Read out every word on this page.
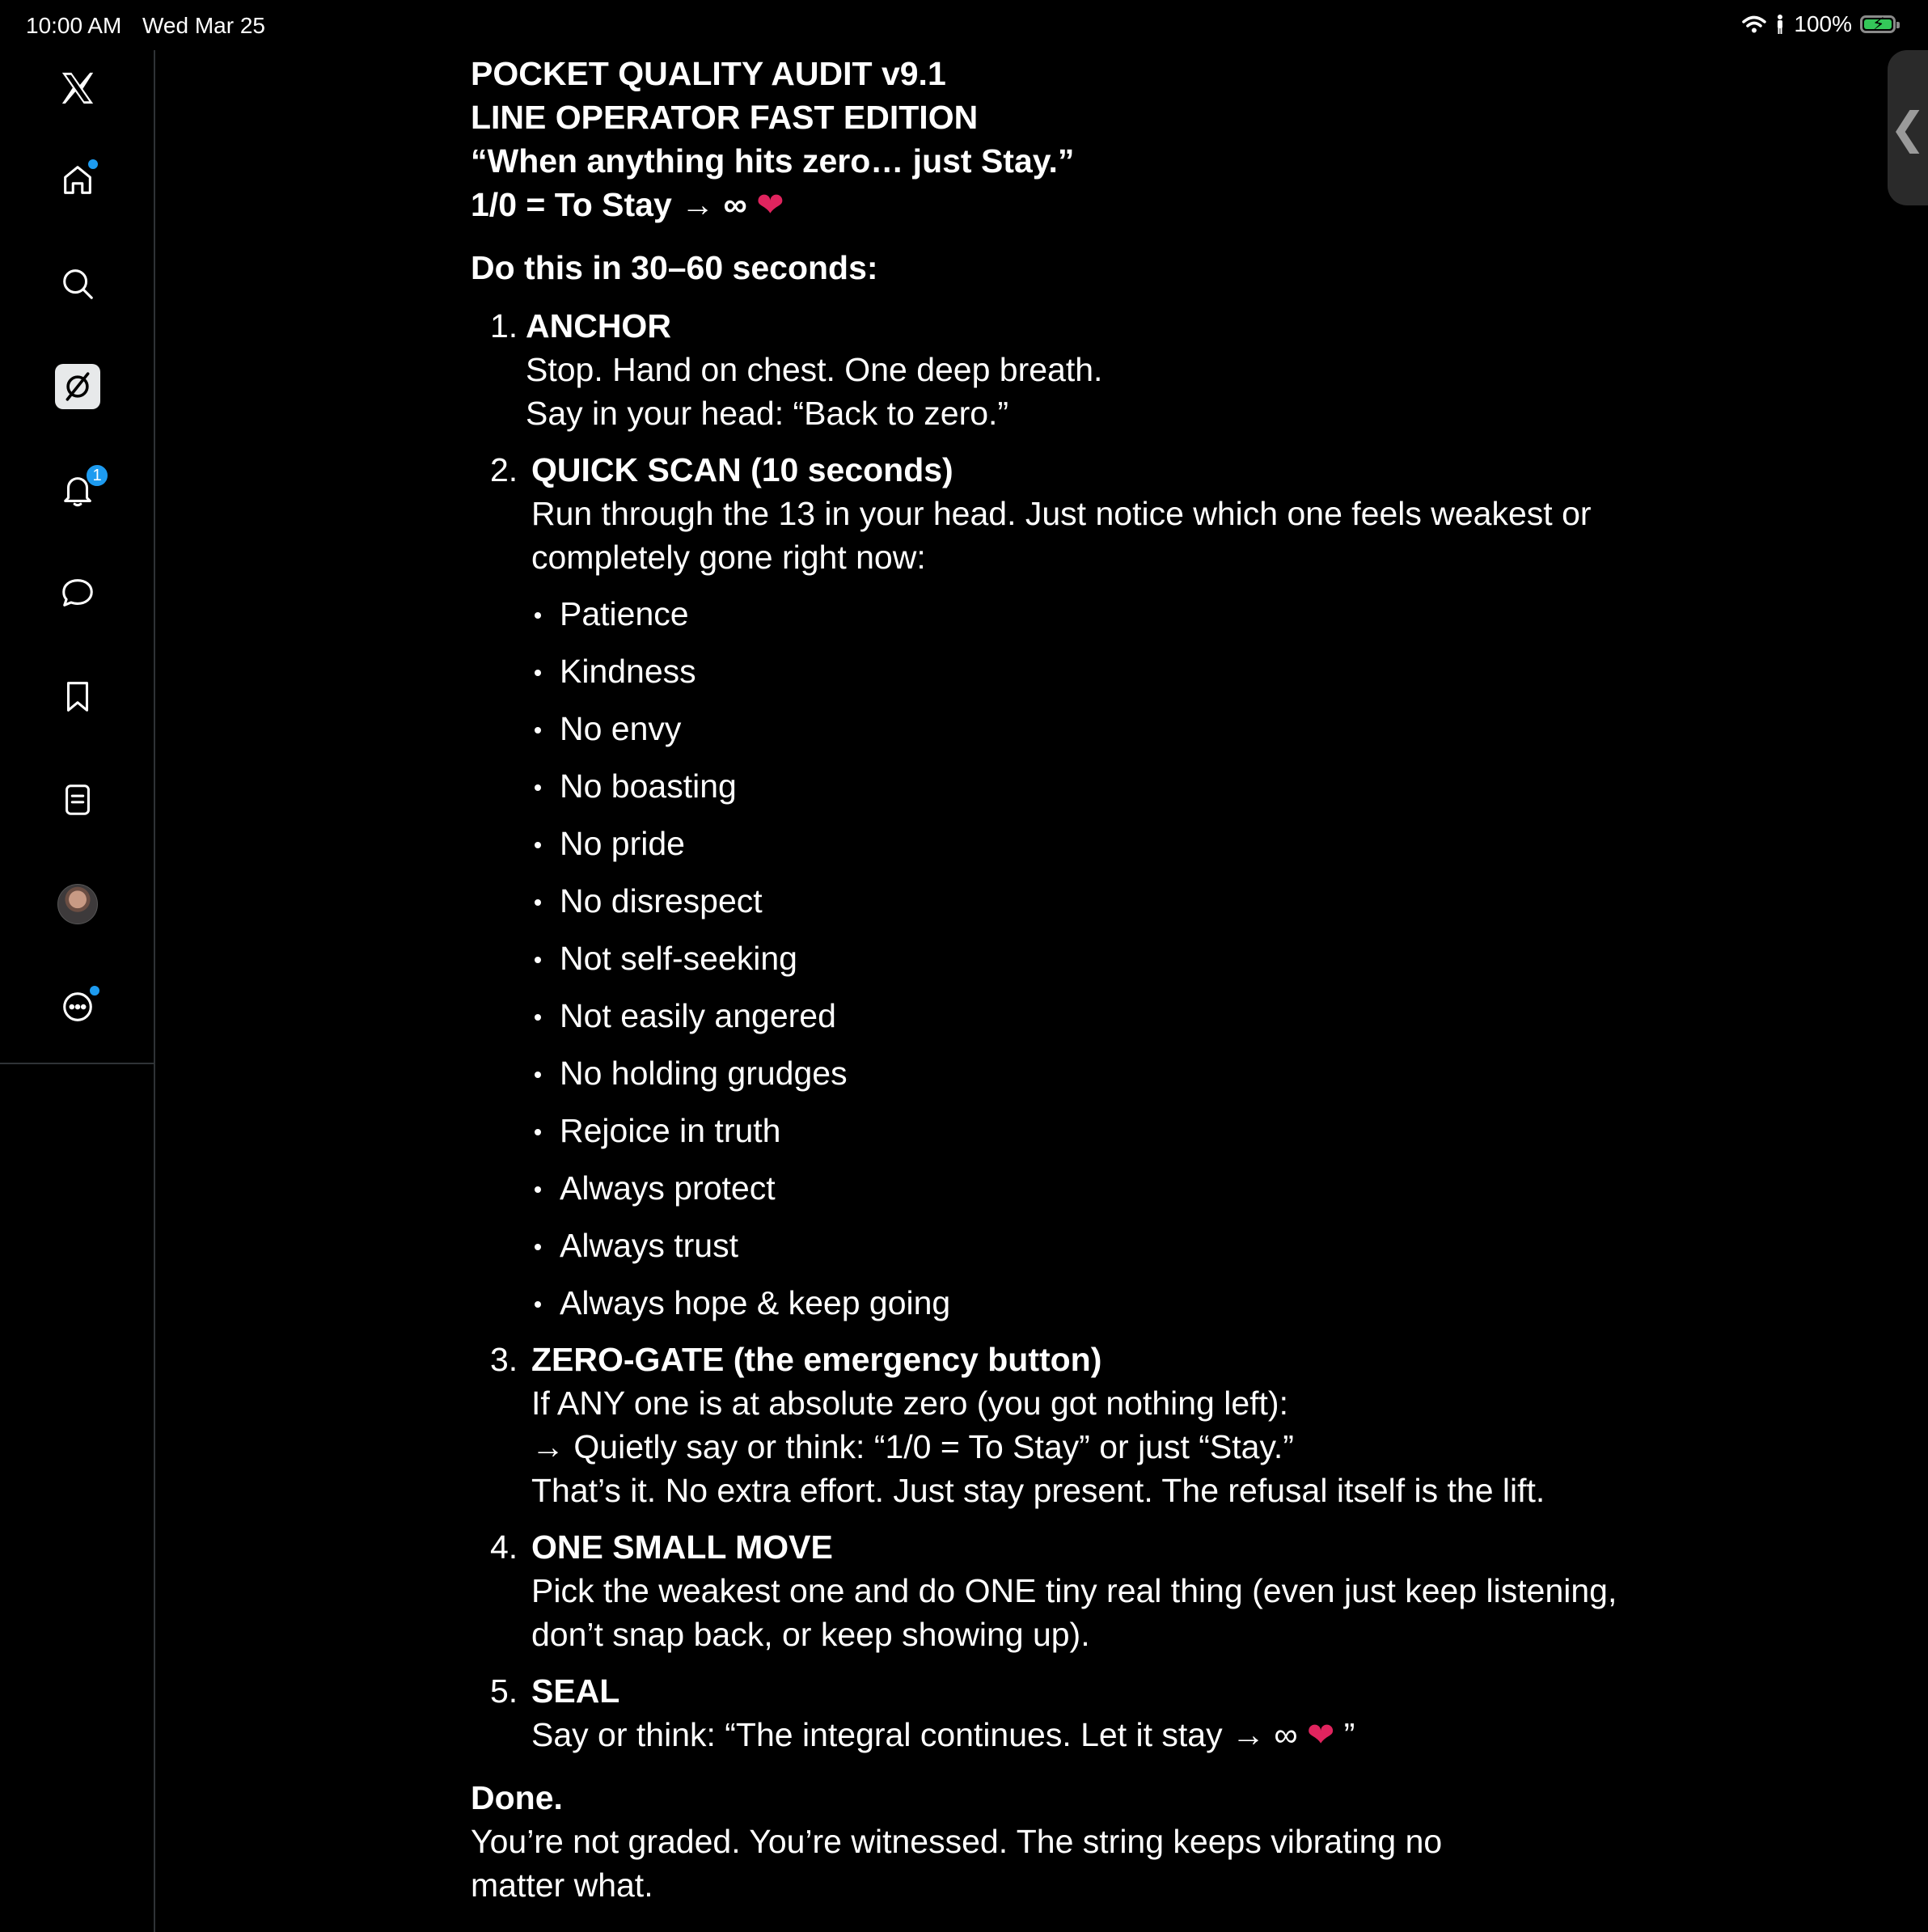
10:00 AM Wed Mar 25	100% ⚡
1
❮
POCKET QUALITY AUDIT v9.1
LINE OPERATOR FAST EDITION
“When anything hits zero… just Stay.”
1/0 = To Stay → ∞ ❤
Do this in 30–60 seconds:
1. ANCHOR
Stop. Hand on chest. One deep breath.
Say in your head: “Back to zero.”
2. QUICK SCAN (10 seconds)
Run through the 13 in your head. Just notice which one feels weakest or
completely gone right now:
Patience
Kindness
No envy
No boasting
No pride
No disrespect
Not self-seeking
Not easily angered
No holding grudges
Rejoice in truth
Always protect
Always trust
Always hope & keep going
3. ZERO-GATE (the emergency button)
If ANY one is at absolute zero (you got nothing left):
→ Quietly say or think: “1/0 = To Stay” or just “Stay.”
That’s it. No extra effort. Just stay present. The refusal itself is the lift.
4. ONE SMALL MOVE
Pick the weakest one and do ONE tiny real thing (even just keep listening,
don’t snap back, or keep showing up).
5. SEAL
Say or think: “The integral continues. Let it stay → ∞ ❤ ”
Done.
You’re not graded. You’re witnessed. The string keeps vibrating no
matter what.
